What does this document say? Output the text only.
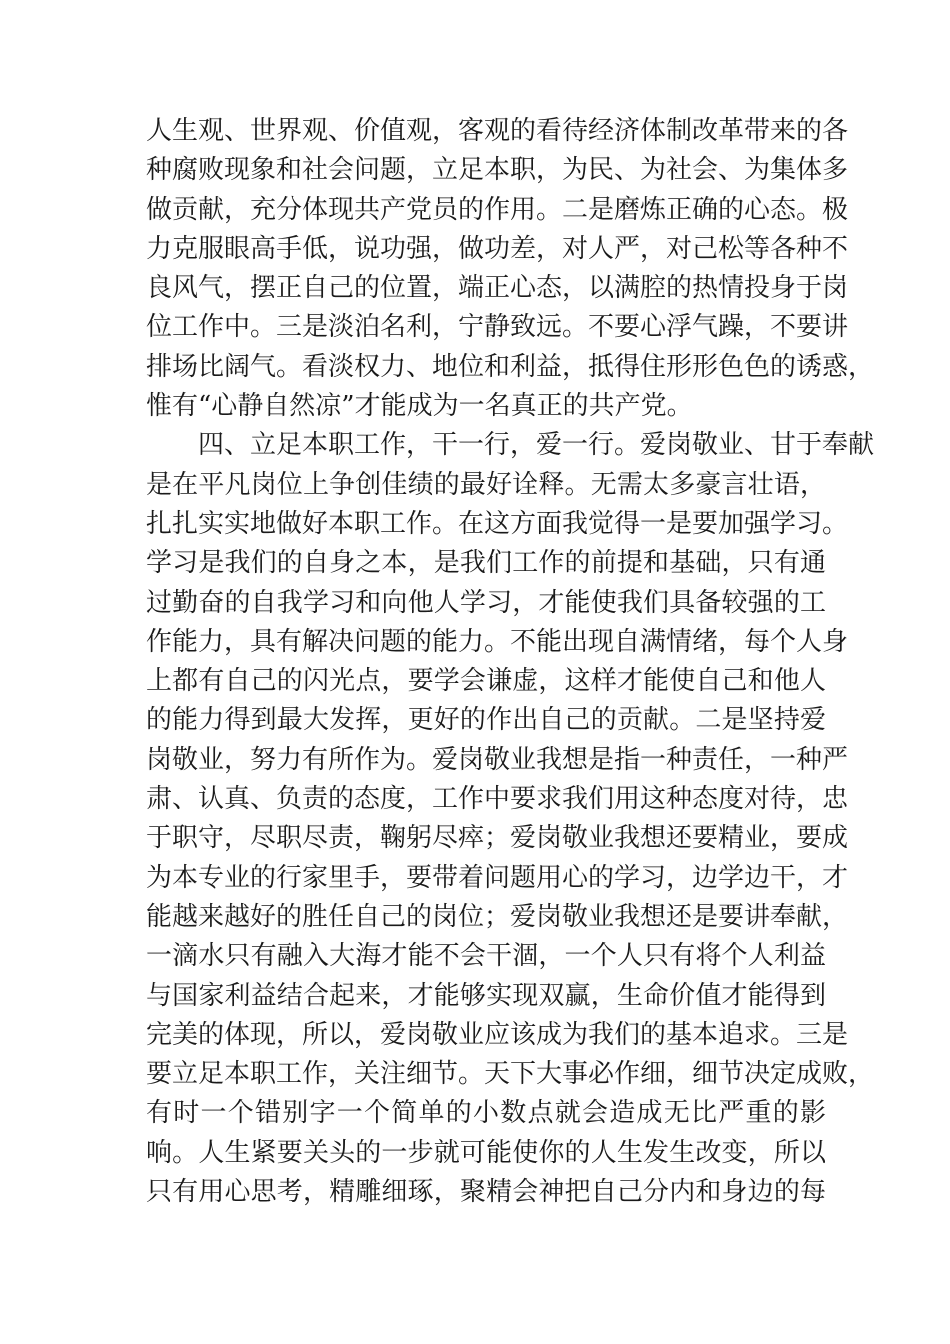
人生观、世界观、价值观，客观的看待经济体制改革带来的各
种腐败现象和社会问题，立足本职，为民、为社会、为集体多
做贡献，充分体现共产党员的作用。二是磨炼正确的心态。极
力克服眼高手低，说功强，做功差，对人严，对己松等各种不
良风气，摆正自己的位置，端正心态，以满腔的热情投身于岗
位工作中。三是淡泊名利，宁静致远。不要心浮气躁，不要讲
排场比阔气。看淡权力、地位和利益，抵得住形形色色的诱惑，
惟有“心静自然凉”才能成为一名真正的共产党。
四、立足本职工作，干一行，爱一行。爱岗敬业、甘于奉献
是在平凡岗位上争创佳绩的最好诠释。无需太多豪言壮语，
扎扎实实地做好本职工作。在这方面我觉得一是要加强学习。
学习是我们的自身之本，是我们工作的前提和基础，只有通
过勤奋的自我学习和向他人学习，才能使我们具备较强的工
作能力，具有解决问题的能力。不能出现自满情绪，每个人身
上都有自己的闪光点，要学会谦虚，这样才能使自己和他人
的能力得到最大发挥，更好的作出自己的贡献。二是坚持爱
岗敬业，努力有所作为。爱岗敬业我想是指一种责任，一种严
肃、认真、负责的态度，工作中要求我们用这种态度对待，忠
于职守，尽职尽责，鞠躬尽瘁；爱岗敬业我想还要精业，要成
为本专业的行家里手，要带着问题用心的学习，边学边干，才
能越来越好的胜任自己的岗位；爱岗敬业我想还是要讲奉献，
一滴水只有融入大海才能不会干涸，一个人只有将个人利益
与国家利益结合起来，才能够实现双赢，生命价值才能得到
完美的体现，所以，爱岗敬业应该成为我们的基本追求。三是
要立足本职工作，关注细节。天下大事必作细，细节决定成败，
有时一个错别字一个简单的小数点就会造成无比严重的影
响。人生紧要关头的一步就可能使你的人生发生改变，所以
只有用心思考，精雕细琢，聚精会神把自己分内和身边的每
